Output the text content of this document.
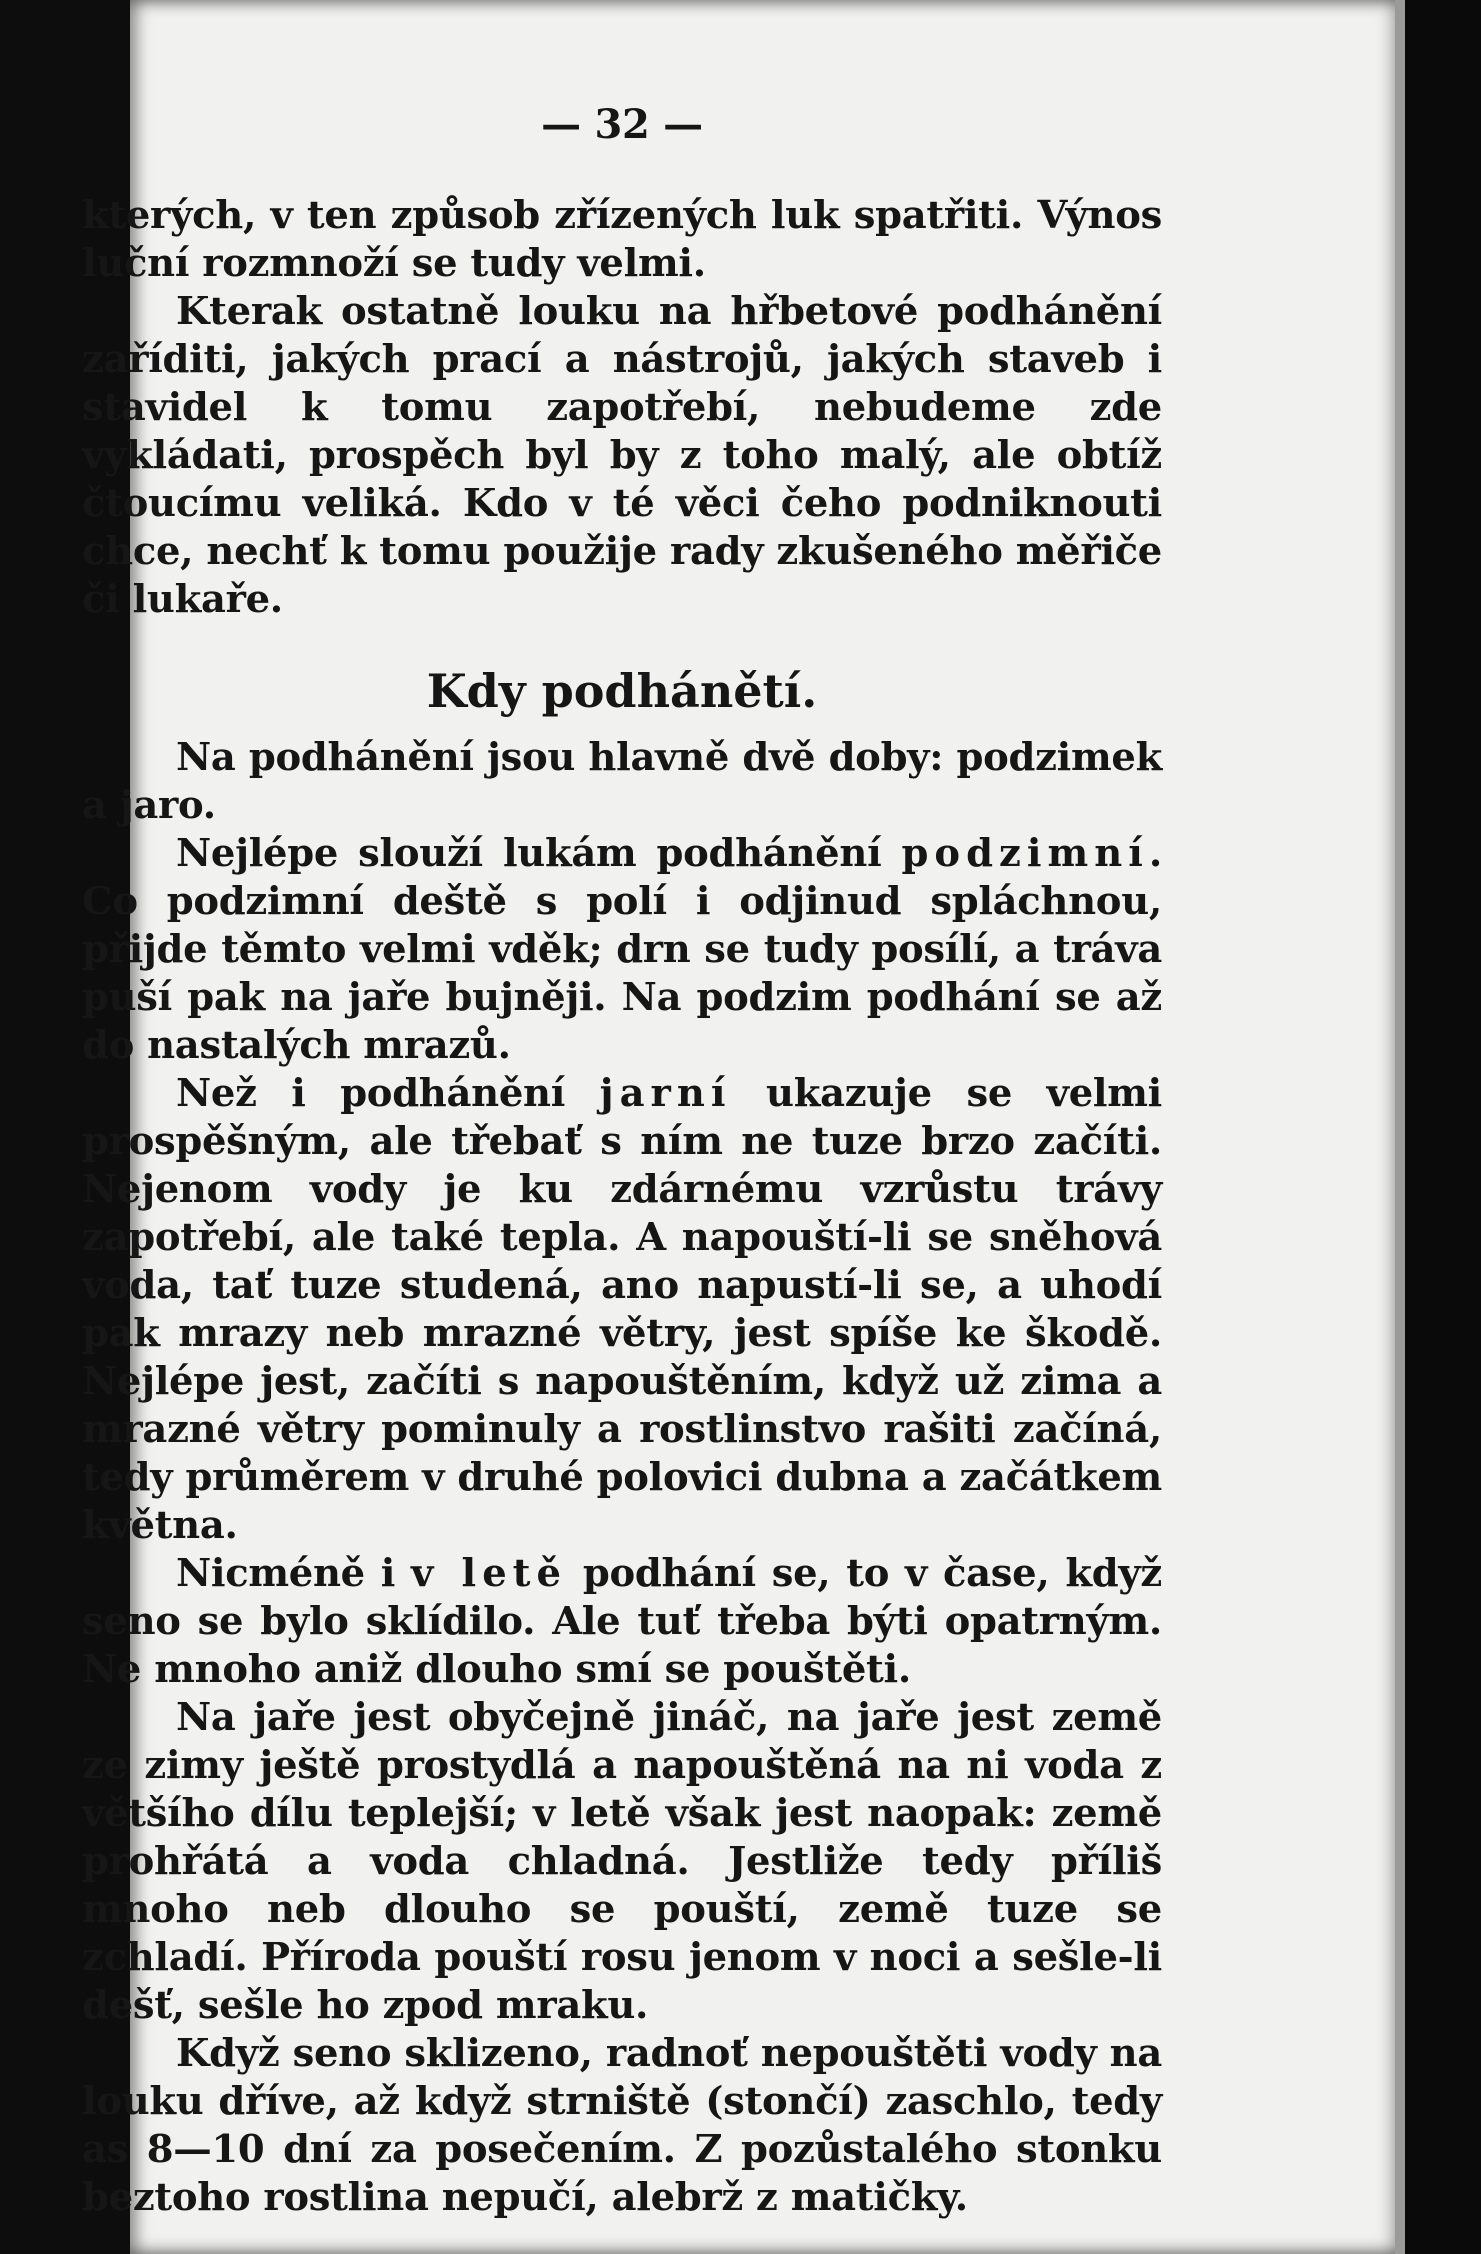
— 32 —

kterých, v ten způsob zřízených luk spatřiti. Výnos luční rozmnoží se tudy velmi.

Kterak ostatně louku na hřbetové podhánění zaříditi, jakých prací a nástrojů, jakých staveb i stavidel k tomu zapotřebí, nebudeme zde vykládati, prospěch byl by z toho malý, ale obtíž čtoucímu veliká. Kdo v té věci čeho podniknouti chce, nechť k tomu použije rady zkušeného měřiče či lukaře.

Kdy podhánětí.

Na podhánění jsou hlavně dvě doby: podzimek a jaro.

Nejlépe slouží lukám podhánění podzimní. Co podzimní deště s polí i odjinud spláchnou, přijde těmto velmi vděk; drn se tudy posílí, a tráva puší pak na jaře bujněji. Na podzim podhání se až do nastalých mrazů.

Než i podhánění jarní ukazuje se velmi prospěšným, ale třebať s ním ne tuze brzo začíti. Nejenom vody je ku zdárnému vzrůstu trávy zapotřebí, ale také tepla. A napouští-li se sněhová voda, tať tuze studená, ano napustí-li se, a uhodí pak mrazy neb mrazné větry, jest spíše ke škodě. Nejlépe jest, začíti s napouštěním, když už zima a mrazné větry pominuly a rostlinstvo rašiti začíná, tedy průměrem v druhé polovici dubna a začátkem května.

Nicméně i v letě podhání se, to v čase, když seno se bylo sklídilo. Ale tuť třeba býti opatrným. Ne mnoho aniž dlouho smí se pouštěti.

Na jaře jest obyčejně jináč, na jaře jest země ze zimy ještě prostydlá a napouštěná na ni voda z většího dílu teplejší; v letě však jest naopak: země prohřátá a voda chladná. Jestliže tedy příliš mnoho neb dlouho se pouští, země tuze se zchladí. Příroda pouští rosu jenom v noci a sešle-li dešť, sešle ho zpod mraku.

Když seno sklizeno, radnoť nepouštěti vody na louku dříve, až když strniště (stončí) zaschlo, tedy as 8—10 dní za posečením. Z pozůstalého stonku beztoho rostlina nepučí, alebrž z matičky.
